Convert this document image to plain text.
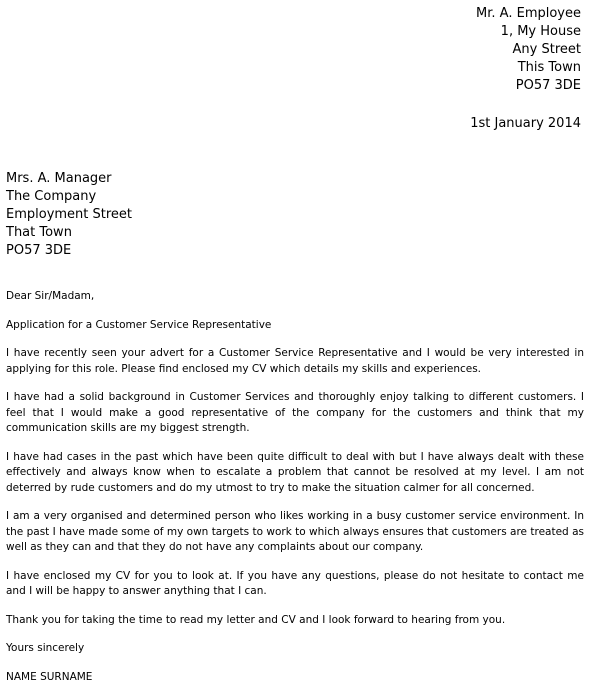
Mr. A. Employee
1, My House
Any Street
This Town
PO57 3DE
1st January 2014
Mrs. A. Manager
The Company
Employment Street
That Town
PO57 3DE

Dear Sir/Madam,

Application for a Customer Service Representative

I have recently seen your advert for a Customer Service Representative and I would be very interested in applying for this role. Please find enclosed my CV which details my skills and experiences.

I have had a solid background in Customer Services and thoroughly enjoy talking to different customers. I feel that I would make a good representative of the company for the customers and think that my communication skills are my biggest strength.

I have had cases in the past which have been quite difficult to deal with but I have always dealt with these effectively and always know when to escalate a problem that cannot be resolved at my level. I am not deterred by rude customers and do my utmost to try to make the situation calmer for all concerned.

I am a very organised and determined person who likes working in a busy customer service environment. In the past I have made some of my own targets to work to which always ensures that customers are treated as well as they can and that they do not have any complaints about our company.

I have enclosed my CV for you to look at. If you have any questions, please do not hesitate to contact me and I will be happy to answer anything that I can.

Thank you for taking the time to read my letter and CV and I look forward to hearing from you.

Yours sincerely

NAME SURNAME
